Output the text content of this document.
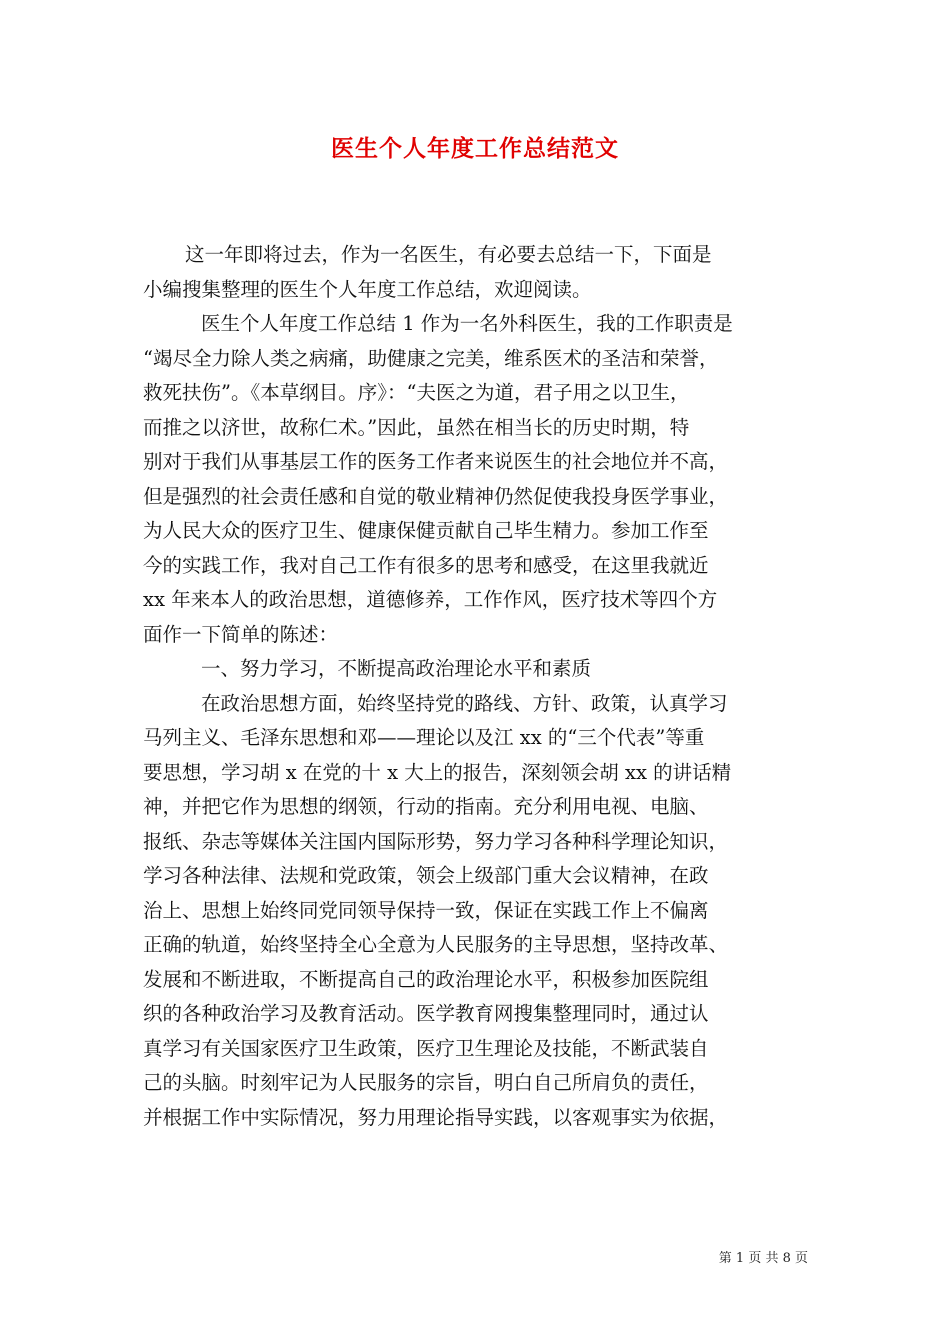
医生个人年度工作总结范文
这一年即将过去，作为一名医生，有必要去总结一下，下面是
小编搜集整理的医生个人年度工作总结，欢迎阅读。
医生个人年度工作总结 1 作为一名外科医生，我的工作职责是
“竭尽全力除人类之病痛，助健康之完美，维系医术的圣洁和荣誉，
救死扶伤”。《本草纲目。序》：“夫医之为道，君子用之以卫生，
而推之以济世，故称仁术。”因此，虽然在相当长的历史时期，特
别对于我们从事基层工作的医务工作者来说医生的社会地位并不高，
但是强烈的社会责任感和自觉的敬业精神仍然促使我投身医学事业，
为人民大众的医疗卫生、健康保健贡献自己毕生精力。参加工作至
今的实践工作，我对自己工作有很多的思考和感受，在这里我就近
xx 年来本人的政治思想，道德修养，工作作风，医疗技术等四个方
面作一下简单的陈述：
一、努力学习，不断提高政治理论水平和素质
在政治思想方面，始终坚持党的路线、方针、政策，认真学习
马列主义、毛泽东思想和邓——理论以及江 xx 的“三个代表”等重
要思想，学习胡 x 在党的十 x 大上的报告，深刻领会胡 xx 的讲话精
神，并把它作为思想的纲领，行动的指南。充分利用电视、电脑、
报纸、杂志等媒体关注国内国际形势，努力学习各种科学理论知识，
学习各种法律、法规和党政策，领会上级部门重大会议精神，在政
治上、思想上始终同党同领导保持一致，保证在实践工作上不偏离
正确的轨道，始终坚持全心全意为人民服务的主导思想，坚持改革、
发展和不断进取，不断提高自己的政治理论水平，积极参加医院组
织的各种政治学习及教育活动。医学教育网搜集整理同时，通过认
真学习有关国家医疗卫生政策，医疗卫生理论及技能，不断武装自
己的头脑。时刻牢记为人民服务的宗旨，明白自己所肩负的责任，
并根据工作中实际情况，努力用理论指导实践，以客观事实为依据，
第 1 页 共 8 页
